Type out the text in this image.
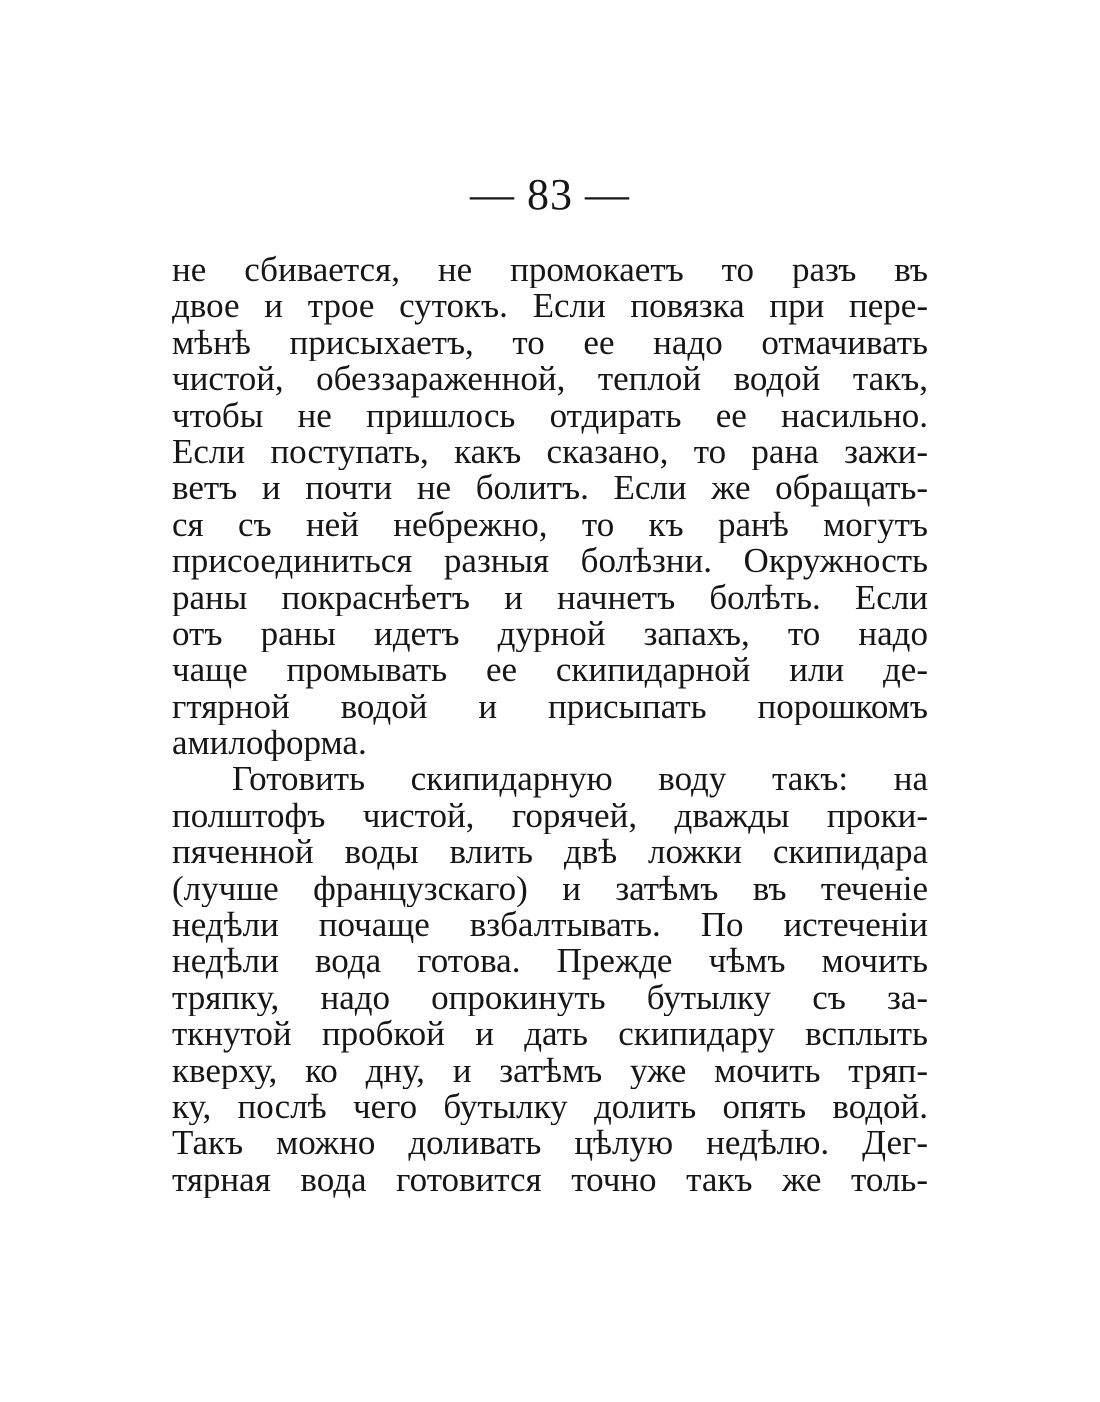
— 83 —
не сбивается, не промокаетъ то разъ въ
двое и трое сутокъ. Если повязка при пере-
мѣнѣ присыхаетъ, то ее надо отмачивать
чистой, обеззараженной, теплой водой такъ,
чтобы не пришлось отдирать ее насильно.
Если поступать, какъ сказано, то рана зажи-
ветъ и почти не болитъ. Если же обращать-
ся съ ней небрежно, то къ ранѣ могутъ
присоединиться разныя болѣзни. Окружность
раны покраснѣетъ и начнетъ болѣть. Если
отъ раны идетъ дурной запахъ, то надо
чаще промывать ее скипидарной или де-
гтярной водой и присыпать порошкомъ
амилоформа.
Готовить скипидарную воду такъ: на
полштофъ чистой, горячей, дважды проки-
пяченной воды влить двѣ ложки скипидара
(лучше французскаго) и затѣмъ въ теченіе
недѣли почаще взбалтывать. По истеченіи
недѣли вода готова. Прежде чѣмъ мочить
тряпку, надо опрокинуть бутылку съ за-
ткнутой пробкой и дать скипидару всплыть
кверху, ко дну, и затѣмъ уже мочить тряп-
ку, послѣ чего бутылку долить опять водой.
Такъ можно доливать цѣлую недѣлю. Дег-
тярная вода готовится точно такъ же толь-
